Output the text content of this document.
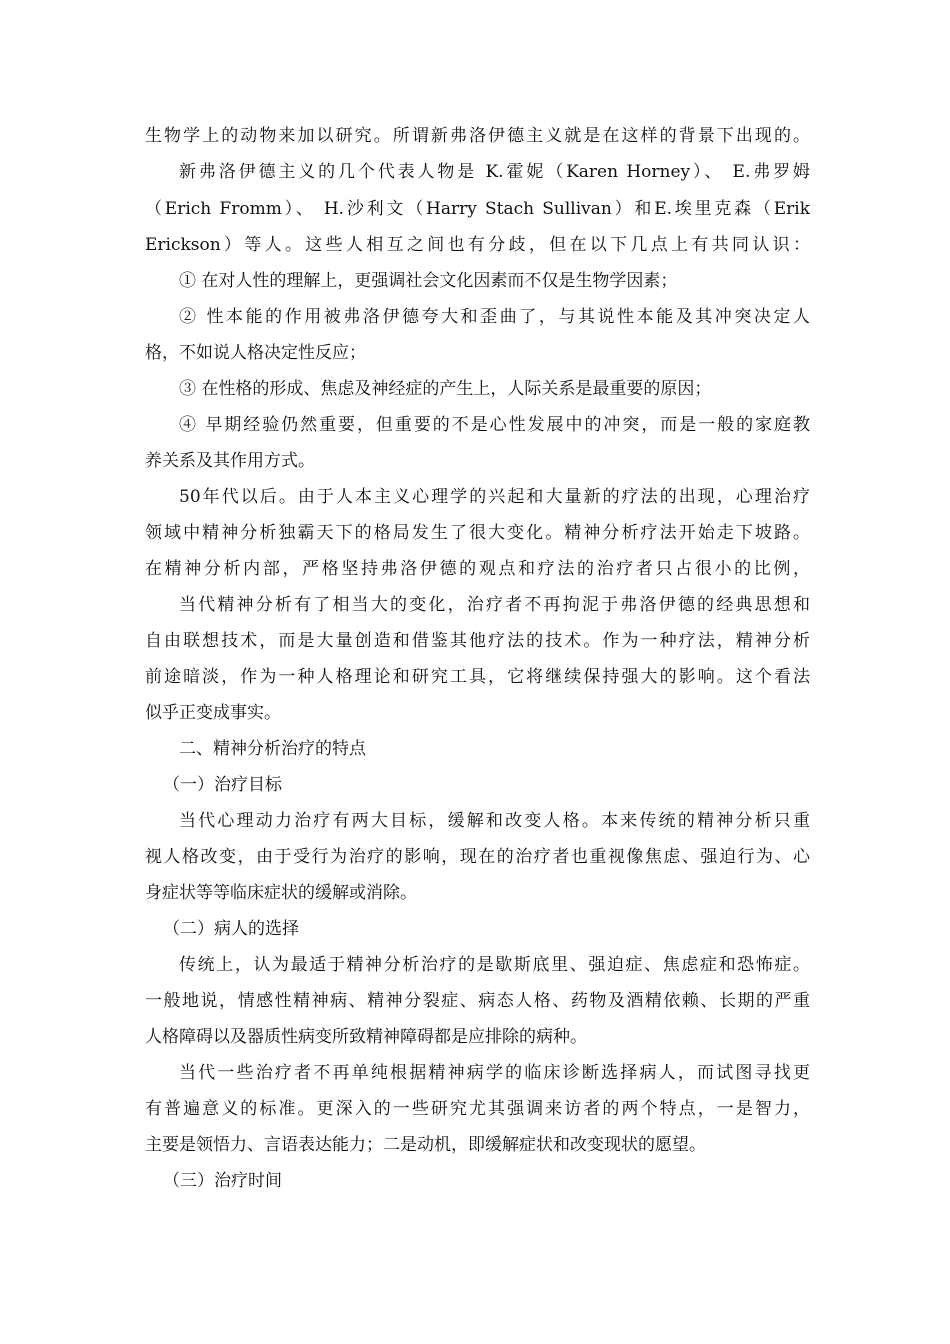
生物学上的动物来加以研究。所谓新弗洛伊德主义就是在这样的背景下出现的。
新弗洛伊德主义的几个代表人物是 K.霍妮（Karen Horney）、 E.弗罗姆
（Erich Fromm）、 H.沙利文（Harry Stach Sullivan）和E.埃里克森（Erik
Erickson）等人。这些人相互之间也有分歧，但在以下几点上有共同认识：
① 在对人性的理解上，更强调社会文化因素而不仅是生物学因素；
② 性本能的作用被弗洛伊德夸大和歪曲了，与其说性本能及其冲突决定人
格，不如说人格决定性反应；
③ 在性格的形成、焦虑及神经症的产生上，人际关系是最重要的原因；
④ 早期经验仍然重要，但重要的不是心性发展中的冲突，而是一般的家庭教
养关系及其作用方式。
50年代以后。由于人本主义心理学的兴起和大量新的疗法的出现，心理治疗
领域中精神分析独霸天下的格局发生了很大变化。精神分析疗法开始走下坡路。
在精神分析内部，严格坚持弗洛伊德的观点和疗法的治疗者只占很小的比例，
当代精神分析有了相当大的变化，治疗者不再拘泥于弗洛伊德的经典思想和
自由联想技术，而是大量创造和借鉴其他疗法的技术。作为一种疗法，精神分析
前途暗淡，作为一种人格理论和研究工具，它将继续保持强大的影响。这个看法
似乎正变成事实。
二、精神分析治疗的特点
（一）治疗目标
当代心理动力治疗有两大目标，缓解和改变人格。本来传统的精神分析只重
视人格改变，由于受行为治疗的影响，现在的治疗者也重视像焦虑、强迫行为、心
身症状等等临床症状的缓解或消除。
（二）病人的选择
传统上，认为最适于精神分析治疗的是歇斯底里、强迫症、焦虑症和恐怖症。
一般地说，情感性精神病、精神分裂症、病态人格、药物及酒精依赖、长期的严重
人格障碍以及器质性病变所致精神障碍都是应排除的病种。
当代一些治疗者不再单纯根据精神病学的临床诊断选择病人，而试图寻找更
有普遍意义的标准。更深入的一些研究尤其强调来访者的两个特点，一是智力，
主要是领悟力、言语表达能力；二是动机，即缓解症状和改变现状的愿望。
（三）治疗时间
